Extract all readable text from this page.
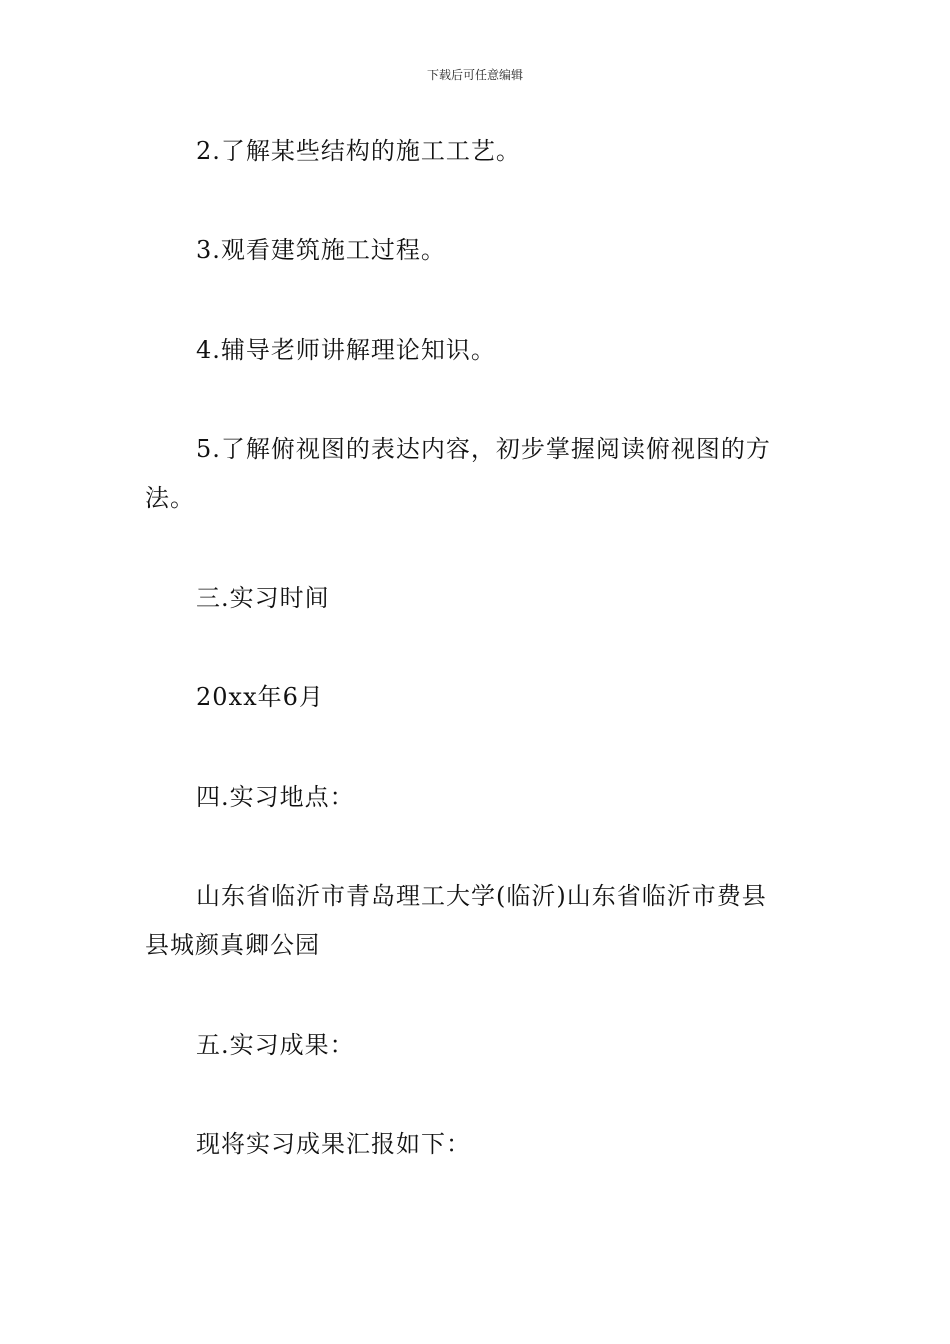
下载后可任意编辑
2.了解某些结构的施工工艺。
3.观看建筑施工过程。
4.辅导老师讲解理论知识。
5.了解俯视图的表达内容，初步掌握阅读俯视图的方
法。
三.实习时间
20xx年6月
四.实习地点：
山东省临沂市青岛理工大学(临沂)山东省临沂市费县
县城颜真卿公园
五.实习成果：
现将实习成果汇报如下：
